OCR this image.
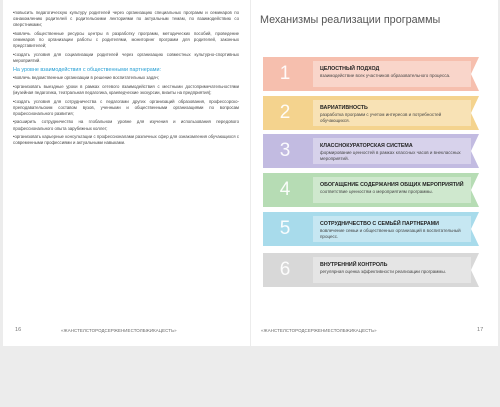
•повысить педагогическую культуру родителей через организацию специальных программ и семинаров по ознакомлению родителей с родительскими лекториями по актуальным темам, по взаимодействию со сверстниками;

•вовлечь общественные ресурсы центры в разработку программ, методических пособий, проведение семинаров по организации работы с родителями, мониторинг программ для родителей, законных представителей;

•создать условия для социализации родителей через организацию совместных культурно-спортивных мероприятий.

На уровне взаимодействия с общественными партнерами:

•вовлечь ведомственные организации в решение воспитательных задач;

•организовать выездные уроки в рамках сетевого взаимодействия с местными достопримечательностями (музейная педагогика, театральная педагогика, краеведческие экскурсии, визиты на предприятия);

•создать условия для сотрудничества с педагогами других организаций образования, профессорско-преподавательским составом вузов, ученными и общественными организациями по вопросам профессионального развития;

•расширить сотрудничество на глобальном уровне для изучения и использования передового профессионального опыта зарубежных коллег;

•организовать карьерные консультации с профессионалами различных сфер для ознакомления обучающихся с современными профессиями и актуальными навыками.

16	«ЖАНСТЕЛСТОРОДСЕРЖЕНИЕСТОЛБЖИКАЦЕСТЬ»
Механизмы реализации программы
1	ЦЕЛОСТНЫЙ ПОДХОД
взаимодействие всех участников образовательного процесса.
2	ВАРИАТИВНОСТЬ
разработка программ с учетом интересов и потребностей обучающихся.
3	КЛАССНОКУРАТОРСКАЯ СИСТЕМА
формирование ценностей в рамках классных часов и внеклассных мероприятий.
4	ОБОГАЩЕНИЕ СОДЕРЖАНИЯ ОБЩИХ МЕРОПРИЯТИЙ
соответствие ценностям о мероприятиям программы.
5	СОТРУДНИЧЕСТВО С СЕМЬЁЙ ПАРТНЕРАМИ
вовлечение семьи и общественных организаций в воспитательный процесс.
6	ВНУТРЕННИЙ КОНТРОЛЬ
регулярная оценка эффективности реализации программы.
«ЖАНСТЕЛСТОРОДСЕРЖЕНИЕСТОЛБЖИКАЦЕСТЬ»	17
